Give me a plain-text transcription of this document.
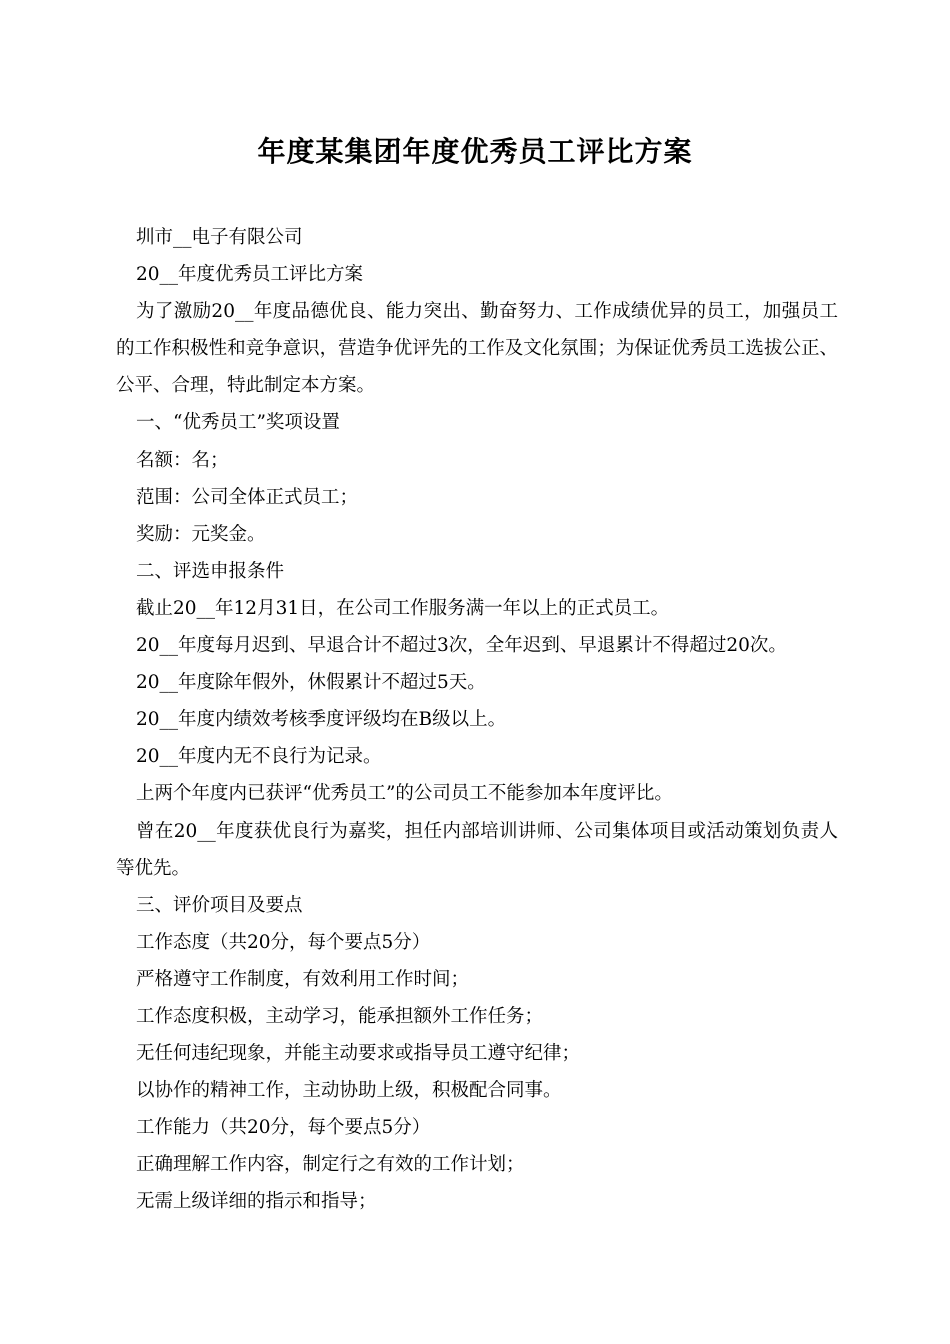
年度某集团年度优秀员工评比方案

圳市__电子有限公司

20__年度优秀员工评比方案

为了激励20__年度品德优良、能力突出、勤奋努力、工作成绩优异的员工，加强员工的工作积极性和竞争意识，营造争优评先的工作及文化氛围；为保证优秀员工选拔公正、公平、合理，特此制定本方案。

一、“优秀员工”奖项设置

名额：名；

范围：公司全体正式员工；

奖励：元奖金。

二、评选申报条件

截止20__年12月31日，在公司工作服务满一年以上的正式员工。

20__年度每月迟到、早退合计不超过3次，全年迟到、早退累计不得超过20次。

20__年度除年假外，休假累计不超过5天。

20__年度内绩效考核季度评级均在B级以上。

20__年度内无不良行为记录。

上两个年度内已获评“优秀员工”的公司员工不能参加本年度评比。

曾在20__年度获优良行为嘉奖，担任内部培训讲师、公司集体项目或活动策划负责人等优先。

三、评价项目及要点

工作态度（共20分，每个要点5分）

严格遵守工作制度，有效利用工作时间；

工作态度积极，主动学习，能承担额外工作任务；

无任何违纪现象，并能主动要求或指导员工遵守纪律；

以协作的精神工作，主动协助上级，积极配合同事。

工作能力（共20分，每个要点5分）

正确理解工作内容，制定行之有效的工作计划；

无需上级详细的指示和指导；
